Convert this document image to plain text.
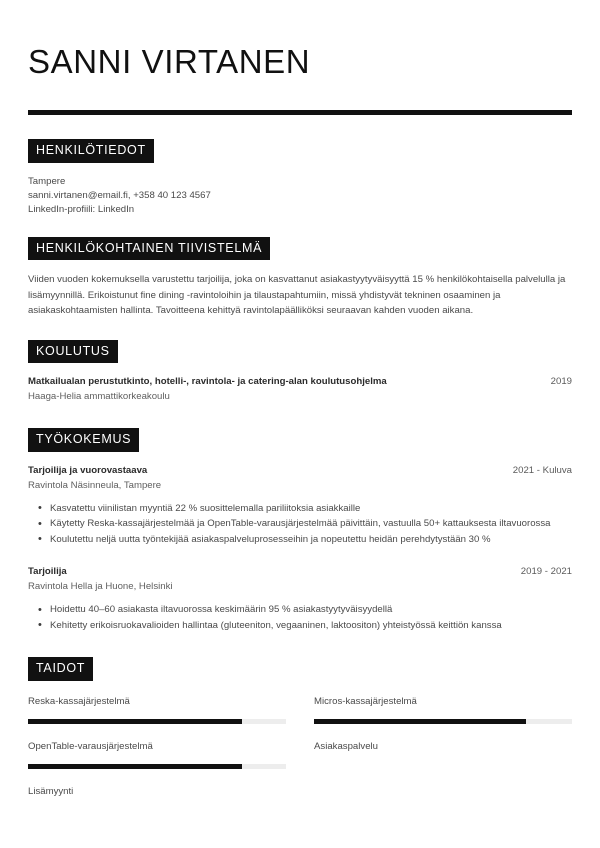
SANNI VIRTANEN
HENKILÖTIEDOT
Tampere
sanni.virtanen@email.fi, +358 40 123 4567
LinkedIn-profiili: LinkedIn
HENKILÖKOHTAINEN TIIVISTELMÄ

Viiden vuoden kokemuksella varustettu tarjoilija, joka on kasvattanut asiakastyytyväisyyttä 15 % henkilökohtaisella palvelulla ja lisämyynnillä. Erikoistunut fine dining -ravintoloihin ja tilaustapahtumiin, missä yhdistyvät tekninen osaaminen ja asiakaskohtaamisten hallinta. Tavoitteena kehittyä ravintolapäälliköksi seuraavan kahden vuoden aikana.

KOULUTUS
Matkailualan perustutkinto, hotelli-, ravintola- ja catering-alan koulutusohjelma	2019
Haaga-Helia ammattikorkeakoulu
TYÖKOKEMUS
Tarjoilija ja vuorovastaava	2021 - Kuluva
Ravintola Näsinneula, Tampere
• Kasvatettu viinilistan myyntiä 22 % suosittelemalla pariliitoksia asiakkaille
• Käytetty Reska-kassajärjestelmää ja OpenTable-varausjärjestelmää päivittäin, vastuulla 50+ kattauksesta iltavuorossa
• Koulutettu neljä uutta työntekijää asiakaspalveluprosesseihin ja nopeutettu heidän perehdytystään 30 %
Tarjoilija	2019 - 2021
Ravintola Hella ja Huone, Helsinki
• Hoidettu 40–60 asiakasta iltavuorossa keskimäärin 95 % asiakastyytyväisyydellä
• Kehitetty erikoisruokavalioiden hallintaa (gluteeniton, vegaaninen, laktoositon) yhteistyössä keittiön kanssa
TAIDOT
Reska-kassajärjestelmä	Micros-kassajärjestelmä
OpenTable-varausjärjestelmä	Asiakaspalvelu
Lisämyynti
